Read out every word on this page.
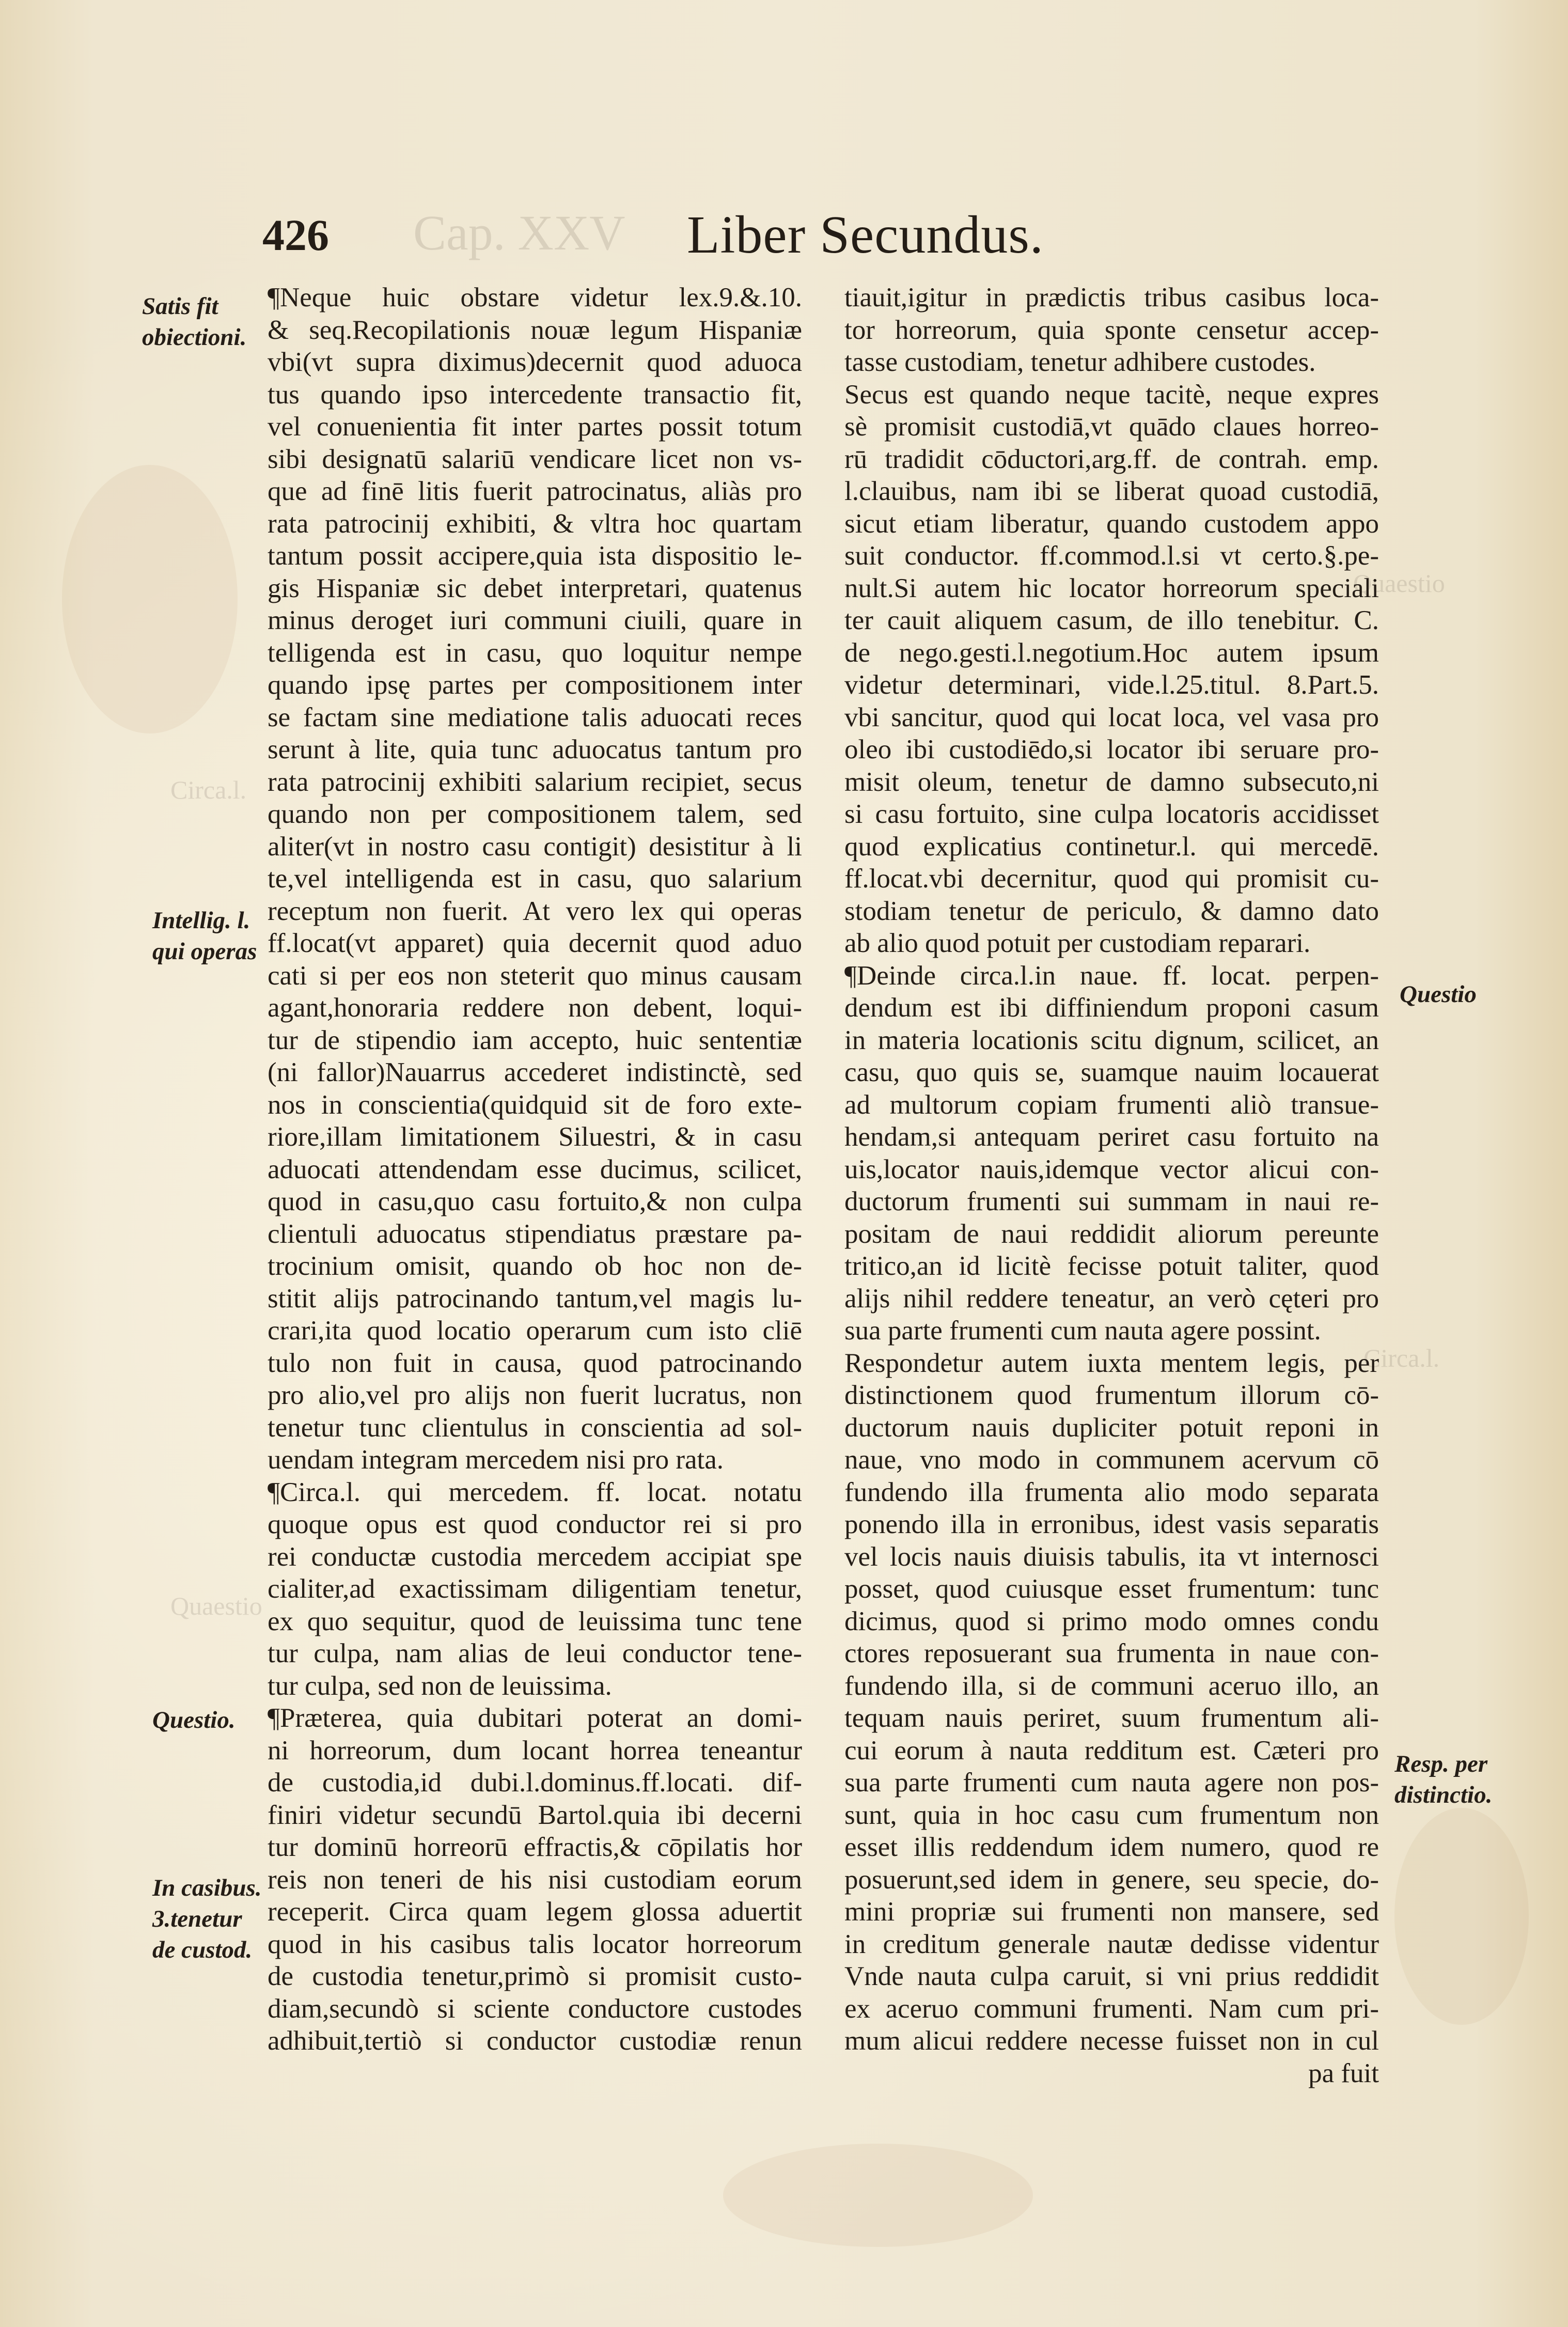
Cap. XXV
Quaestio
Circa.l.
Circa.l.
Quaestio
426	Liber Secundus.
¶Neque huic obstare videtur lex.9.&.10.
& seq.Recopilationis nouæ legum Hispaniæ
vbi(vt supra diximus)decernit quod aduoca
tus quando ipso intercedente transactio fit,
vel conuenientia fit inter partes possit totum
sibi designatū salariū vendicare licet non vs-
que ad finē litis fuerit patrocinatus, aliàs pro
rata patrocinij exhibiti, & vltra hoc quartam
tantum possit accipere,quia ista dispositio le-
gis Hispaniæ sic debet interpretari, quatenus
minus deroget iuri communi ciuili, quare in
telligenda est in casu, quo loquitur nempe
quando ipsę partes per compositionem inter
se factam sine mediatione talis aduocati reces
serunt à lite, quia tunc aduocatus tantum pro
rata patrocinij exhibiti salarium recipiet, secus
quando non per compositionem talem, sed
aliter(vt in nostro casu contigit) desistitur à li
te,vel intelligenda est in casu, quo salarium
receptum non fuerit. At vero lex qui operas
ff.locat(vt apparet) quia decernit quod aduo
cati si per eos non steterit quo minus causam
agant,honoraria reddere non debent, loqui-
tur de stipendio iam accepto, huic sententiæ
(ni fallor)Nauarrus accederet indistinctè, sed
nos in conscientia(quidquid sit de foro exte-
riore,illam limitationem Siluestri, & in casu
aduocati attendendam esse ducimus, scilicet,
quod in casu,quo casu fortuito,& non culpa
clientuli aduocatus stipendiatus præstare pa-
trocinium omisit, quando ob hoc non de-
stitit alijs patrocinando tantum,vel magis lu-
crari,ita quod locatio operarum cum isto cliē
tulo non fuit in causa, quod patrocinando
pro alio,vel pro alijs non fuerit lucratus, non
tenetur tunc clientulus in conscientia ad sol-
uendam integram mercedem nisi pro rata.
¶Circa.l. qui mercedem. ff. locat. notatu
quoque opus est quod conductor rei si pro
rei conductæ custodia mercedem accipiat spe
cialiter,ad exactissimam diligentiam tenetur,
ex quo sequitur, quod de leuissima tunc tene
tur culpa, nam alias de leui conductor tene-
tur culpa, sed non de leuissima.
¶Præterea, quia dubitari poterat an domi-
ni horreorum, dum locant horrea teneantur
de custodia,id dubi.l.dominus.ff.locati. dif-
finiri videtur secundū Bartol.quia ibi decerni
tur dominū horreorū effractis,& cōpilatis hor
reis non teneri de his nisi custodiam eorum
receperit. Circa quam legem glossa aduertit
quod in his casibus talis locator horreorum
de custodia tenetur,primò si promisit custo-
diam,secundò si sciente conductore custodes
adhibuit,tertiò si conductor custodiæ renun
tiauit,igitur in prædictis tribus casibus loca-
tor horreorum, quia sponte censetur accep-
tasse custodiam, tenetur adhibere custodes.
Secus est quando neque tacitè, neque expres
sè promisit custodiā,vt quādo claues horreo-
rū tradidit cōductori,arg.ff. de contrah. emp.
l.clauibus, nam ibi se liberat quoad custodiā,
sicut etiam liberatur, quando custodem appo
suit conductor. ff.commod.l.si vt certo.§.pe-
nult.Si autem hic locator horreorum speciali
ter cauit aliquem casum, de illo tenebitur. C.
de nego.gesti.l.negotium.Hoc autem ipsum
videtur determinari, vide.l.25.titul. 8.Part.5.
vbi sancitur, quod qui locat loca, vel vasa pro
oleo ibi custodiēdo,si locator ibi seruare pro-
misit oleum, tenetur de damno subsecuto,ni
si casu fortuito, sine culpa locatoris accidisset
quod explicatius continetur.l. qui mercedē.
ff.locat.vbi decernitur, quod qui promisit cu-
stodiam tenetur de periculo, & damno dato
ab alio quod potuit per custodiam reparari.
¶Deinde circa.l.in naue. ff. locat. perpen-
dendum est ibi diffiniendum proponi casum
in materia locationis scitu dignum, scilicet, an
casu, quo quis se, suamque nauim locauerat
ad multorum copiam frumenti aliò transue-
hendam,si antequam periret casu fortuito na
uis,locator nauis,idemque vector alicui con-
ductorum frumenti sui summam in naui re-
positam de naui reddidit aliorum pereunte
tritico,an id licitè fecisse potuit taliter, quod
alijs nihil reddere teneatur, an verò cęteri pro
sua parte frumenti cum nauta agere possint.
Respondetur autem iuxta mentem legis, per
distinctionem quod frumentum illorum cō-
ductorum nauis dupliciter potuit reponi in
naue, vno modo in communem acervum cō
fundendo illa frumenta alio modo separata
ponendo illa in erronibus, idest vasis separatis
vel locis nauis diuisis tabulis, ita vt internosci
posset, quod cuiusque esset frumentum: tunc
dicimus, quod si primo modo omnes condu
ctores reposuerant sua frumenta in naue con-
fundendo illa, si de communi aceruo illo, an
tequam nauis periret, suum frumentum ali-
cui eorum à nauta redditum est. Cæteri pro
sua parte frumenti cum nauta agere non pos-
sunt, quia in hoc casu cum frumentum non
esset illis reddendum idem numero, quod re
posuerunt,sed idem in genere, seu specie, do-
mini propriæ sui frumenti non mansere, sed
in creditum generale nautæ dedisse videntur
Vnde nauta culpa caruit, si vni prius reddidit
ex aceruo communi frumenti. Nam cum pri-
mum alicui reddere necesse fuisset non in cul
pa fuit
Satis fit
obiectioni.
Intellig. l.
qui operas
Questio.
In casibus.
3.tenetur
de custod.
Questio
Resp. per
distinctio.
